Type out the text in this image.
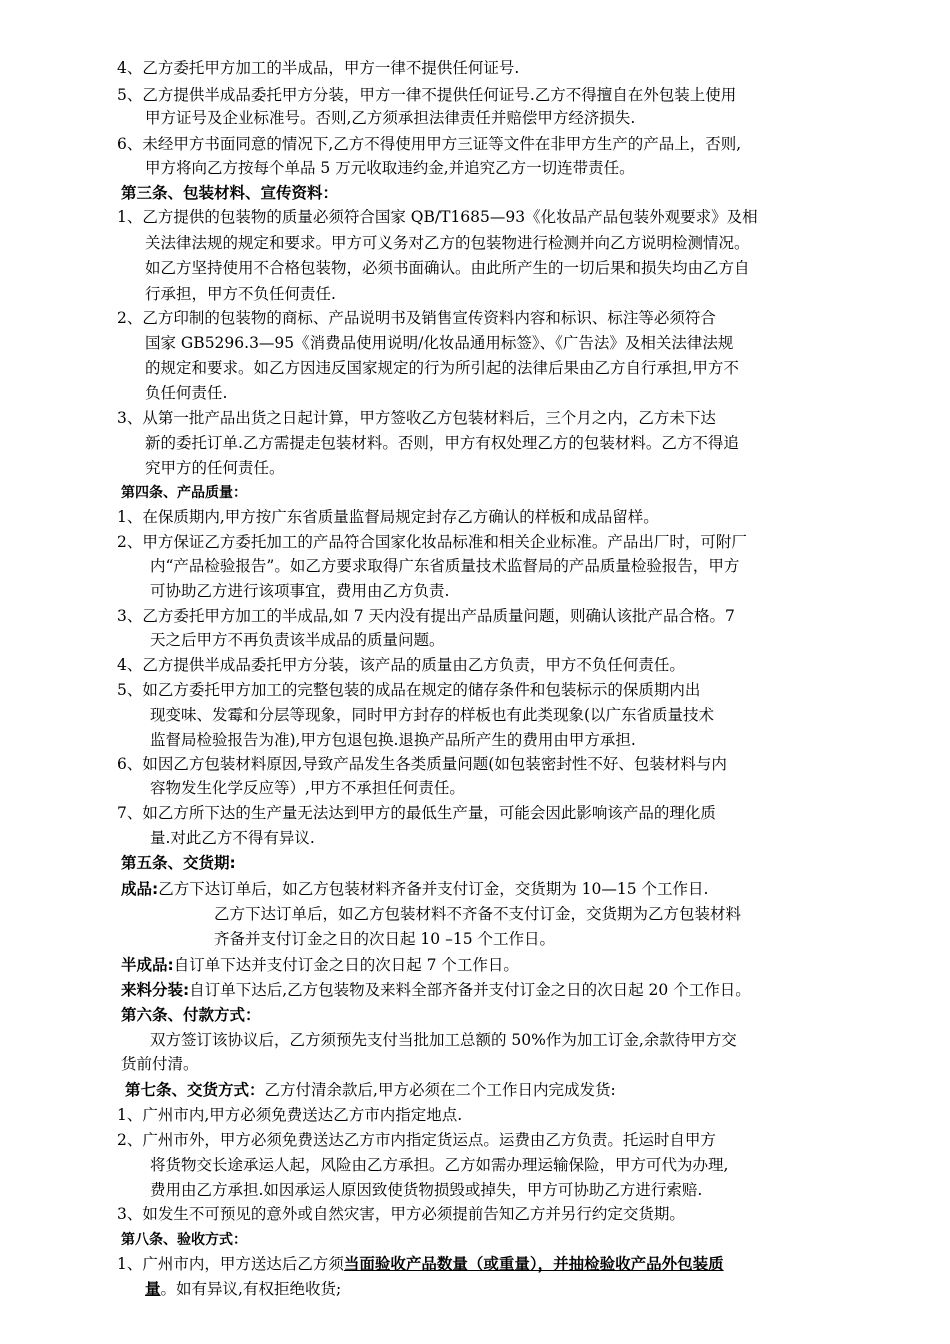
4、乙方委托甲方加工的半成品，甲方一律不提供任何证号.
5、乙方提供半成品委托甲方分装，甲方一律不提供任何证号.乙方不得擅自在外包装上使用
甲方证号及企业标准号。否则,乙方须承担法律责任并赔偿甲方经济损失.
6、未经甲方书面同意的情况下,乙方不得使用甲方三证等文件在非甲方生产的产品上，否则,
甲方将向乙方按每个单品 5 万元收取违约金,并追究乙方一切连带责任。
第三条、包装材料、宣传资料：
1、乙方提供的包装物的质量必须符合国家 QB/T1685—93《化妆品产品包装外观要求》及相
关法律法规的规定和要求。甲方可义务对乙方的包装物进行检测并向乙方说明检测情况。
如乙方坚持使用不合格包装物，必须书面确认。由此所产生的一切后果和损失均由乙方自
行承担，甲方不负任何责任.
2、乙方印制的包装物的商标、产品说明书及销售宣传资料内容和标识、标注等必须符合
国家 GB5296.3—95《消费品使用说明/化妆品通用标签》、《广告法》及相关法律法规
的规定和要求。如乙方因违反国家规定的行为所引起的法律后果由乙方自行承担,甲方不
负任何责任.
3、从第一批产品出货之日起计算，甲方签收乙方包装材料后，三个月之内，乙方未下达
新的委托订单.乙方需提走包装材料。否则，甲方有权处理乙方的包装材料。乙方不得追
究甲方的任何责任。
第四条、产品质量：
1、在保质期内,甲方按广东省质量监督局规定封存乙方确认的样板和成品留样。
2、甲方保证乙方委托加工的产品符合国家化妆品标准和相关企业标准。产品出厂时，可附厂
内“产品检验报告”。如乙方要求取得广东省质量技术监督局的产品质量检验报告，甲方
可协助乙方进行该项事宜，费用由乙方负责.
3、乙方委托甲方加工的半成品,如 7 天内没有提出产品质量问题，则确认该批产品合格。7
天之后甲方不再负责该半成品的质量问题。
4、乙方提供半成品委托甲方分装，该产品的质量由乙方负责，甲方不负任何责任。
5、如乙方委托甲方加工的完整包装的成品在规定的储存条件和包装标示的保质期内出
现变味、发霉和分层等现象，同时甲方封存的样板也有此类现象(以广东省质量技术
监督局检验报告为准),甲方包退包换.退换产品所产生的费用由甲方承担.
6、如因乙方包装材料原因,导致产品发生各类质量问题(如包装密封性不好、包装材料与内
容物发生化学反应等）,甲方不承担任何责任。
7、如乙方所下达的生产量无法达到甲方的最低生产量，可能会因此影响该产品的理化质
量.对此乙方不得有异议.
第五条、交货期:
成品:乙方下达订单后，如乙方包装材料齐备并支付订金，交货期为 10—15 个工作日.
乙方下达订单后，如乙方包装材料不齐备不支付订金，交货期为乙方包装材料
齐备并支付订金之日的次日起 10 –15 个工作日。
半成品:自订单下达并支付订金之日的次日起 7 个工作日。
来料分装:自订单下达后,乙方包装物及来料全部齐备并支付订金之日的次日起 20 个工作日。
第六条、付款方式：
双方签订该协议后，乙方须预先支付当批加工总额的 50%作为加工订金,余款待甲方交
货前付清。
第七条、交货方式：乙方付清余款后,甲方必须在二个工作日内完成发货:
1、广州市内,甲方必须免费送达乙方市内指定地点.
2、广州市外，甲方必须免费送达乙方市内指定货运点。运费由乙方负责。托运时自甲方
将货物交长途承运人起，风险由乙方承担。乙方如需办理运输保险，甲方可代为办理,
费用由乙方承担.如因承运人原因致使货物损毁或掉失，甲方可协助乙方进行索赔.
3、如发生不可预见的意外或自然灾害，甲方必须提前告知乙方并另行约定交货期。
第八条、验收方式：
1、广州市内，甲方送达后乙方须当面验收产品数量（或重量），并抽检验收产品外包装质
量。如有异议,有权拒绝收货;
